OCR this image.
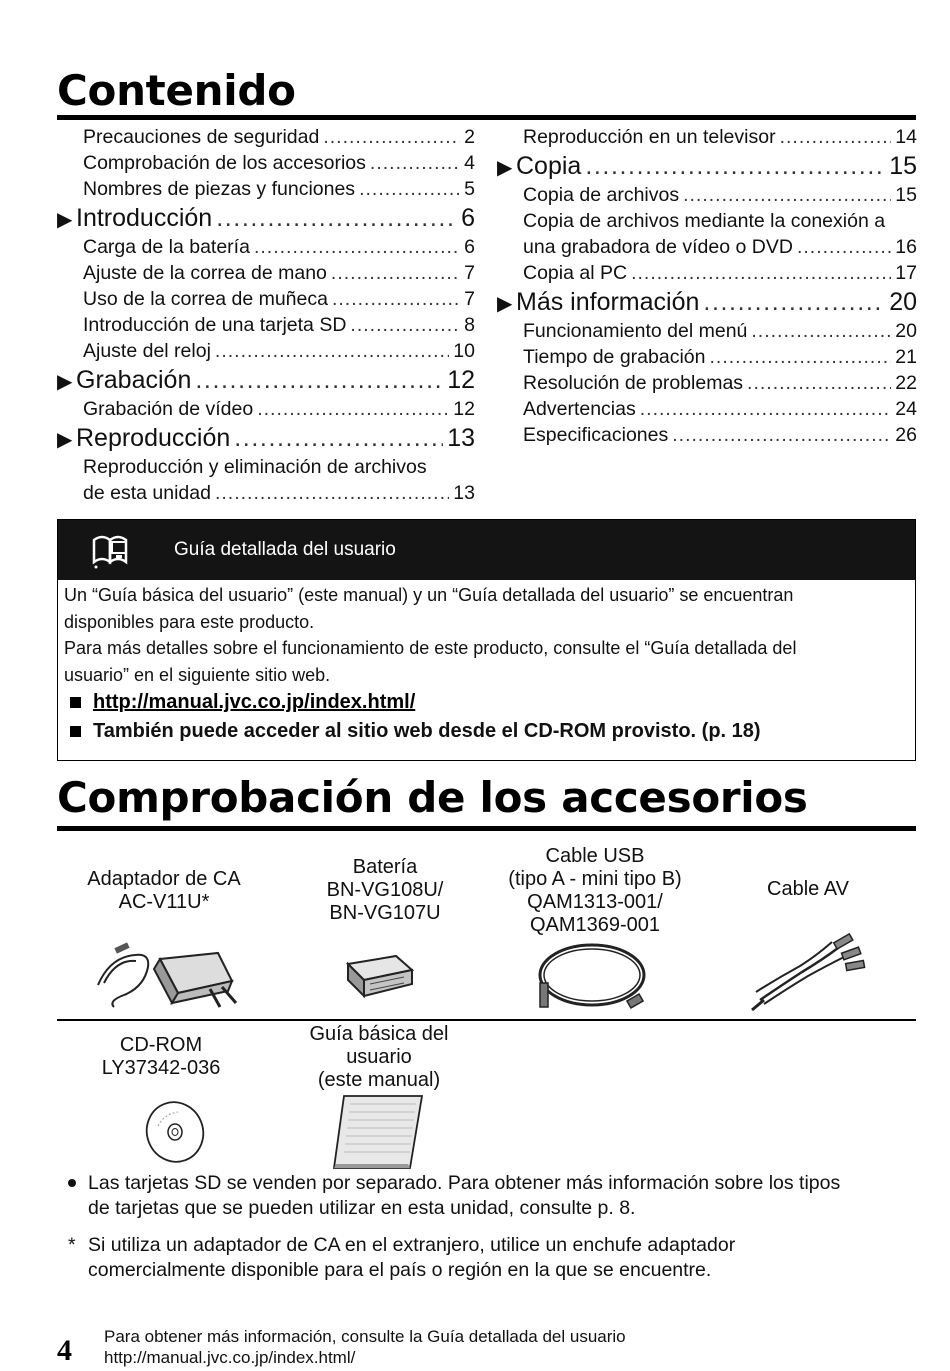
Contenido
Precauciones de seguridad .....	2
Comprobación de los accesorios .....	4
Nombres de piezas y funciones .....	5
▶ Introducción .....	6
Carga de la batería .....	6
Ajuste de la correa de mano .....	7
Uso de la correa de muñeca .....	7
Introducción de una tarjeta SD .....	8
Ajuste del reloj .....	10
▶ Grabación .....	12
Grabación de vídeo .....	12
▶ Reproducción .....	13
Reproducción y eliminación de archivos
de esta unidad .....	13
Reproducción en un televisor .....	14
▶ Copia .....	15
Copia de archivos .....	15
Copia de archivos mediante la conexión a
una grabadora de vídeo o DVD .....	16
Copia al PC .....	17
▶ Más información .....	20
Funcionamiento del menú .....	20
Tiempo de grabación .....	21
Resolución de problemas .....	22
Advertencias .....	24
Especificaciones .....	26
Guía detallada del usuario

Un “Guía básica del usuario” (este manual) y un “Guía detallada del usuario” se encuentran

disponibles para este producto.

Para más detalles sobre el funcionamiento de este producto, consulte el “Guía detallada del

usuario” en el siguiente sitio web.

http://manual.jvc.co.jp/index.html/
También puede acceder al sitio web desde el CD-ROM provisto. (p. 18)
Comprobación de los accesorios
Adaptador de CA
AC-V11U*
Batería
BN-VG108U/
BN-VG107U
Cable USB
(tipo A - mini tipo B)
QAM1313-001/
QAM1369-001
Cable AV
CD-ROM
LY37342-036
Guía básica del
usuario
(este manual)
Las tarjetas SD se venden por separado. Para obtener más información sobre los tipos
de tarjetas que se pueden utilizar en esta unidad, consulte p. 8.
* Si utiliza un adaptador de CA en el extranjero, utilice un enchufe adaptador
comercialmente disponible para el país o región en la que se encuentre.
4 Para obtener más información, consulte la Guía detallada del usuario
http://manual.jvc.co.jp/index.html/
